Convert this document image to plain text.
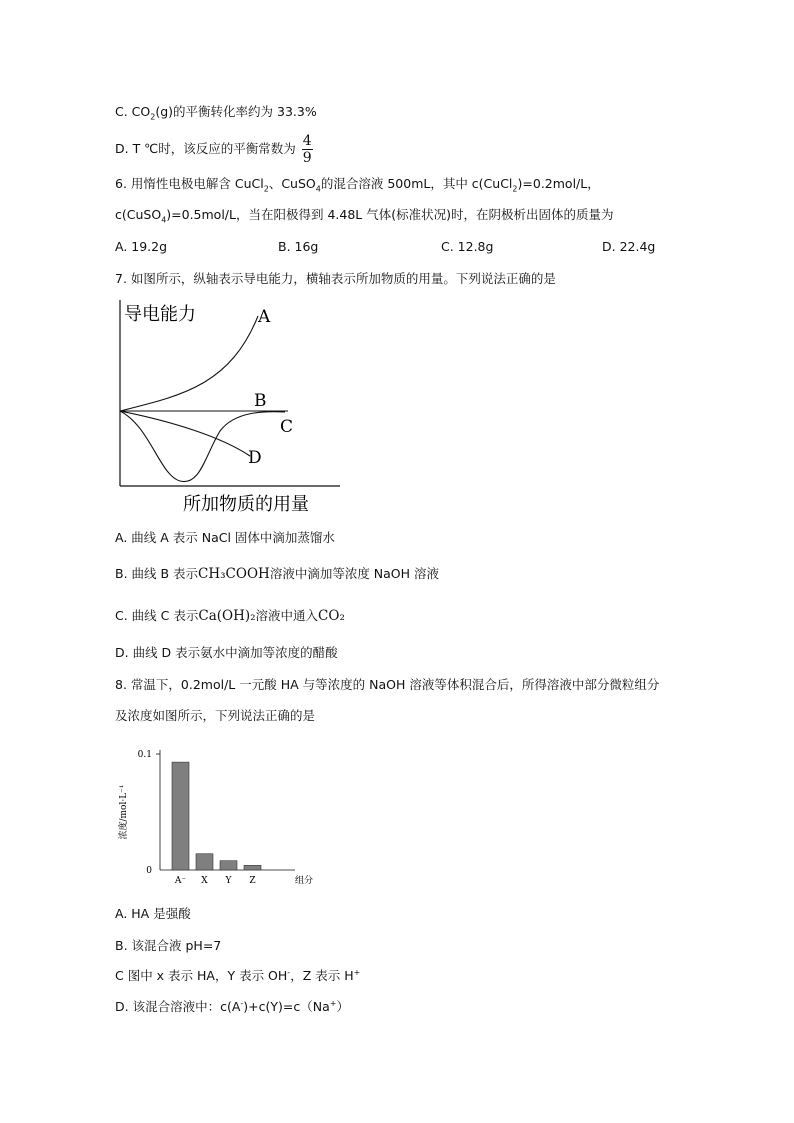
C. $CO_2(g)$的平衡转化率约为 33.3%
D. T ℃时，该反应的平衡常数为 $\frac{4}{9}$
6. 用惰性电极电解含 CuCl$_2$、CuSO$_4$的混合溶液 500mL，其中 c(CuCl$_2$)=0.2mol/L，
c(CuSO$_4$)=0.5mol/L，当在阳极得到 4.48L 气体(标准状况)时，在阴极析出固体的质量为
A. 19.2g	B. 16g	C. 12.8g	D. 22.4g
7. 如图所示，纵轴表示导电能力，横轴表示所加物质的用量。下列说法正确的是
导电能力
所加物质的用量
A
B
C
D
A. 曲线 A 表示 NaCl 固体中滴加蒸馏水
B. 曲线 B 表示CH₃COOH溶液中滴加等浓度 NaOH 溶液
C. 曲线 C 表示Ca(OH)₂溶液中通入CO₂
D. 曲线 D 表示氨水中滴加等浓度的醋酸
8. 常温下，0.2mol/L 一元酸 HA 与等浓度的 NaOH 溶液等体积混合后，所得溶液中部分微粒组分
及浓度如图所示，下列说法正确的是
0.1
0
浓度/mol·L⁻¹
组分
A⁻ X Y Z
A. HA 是强酸
B. 该混合液 pH=7
C 图中 x 表示 HA，Y 表示 OH-，Z 表示 H+
D. 该混合溶液中：c(A-)+c(Y)=c（Na+）
